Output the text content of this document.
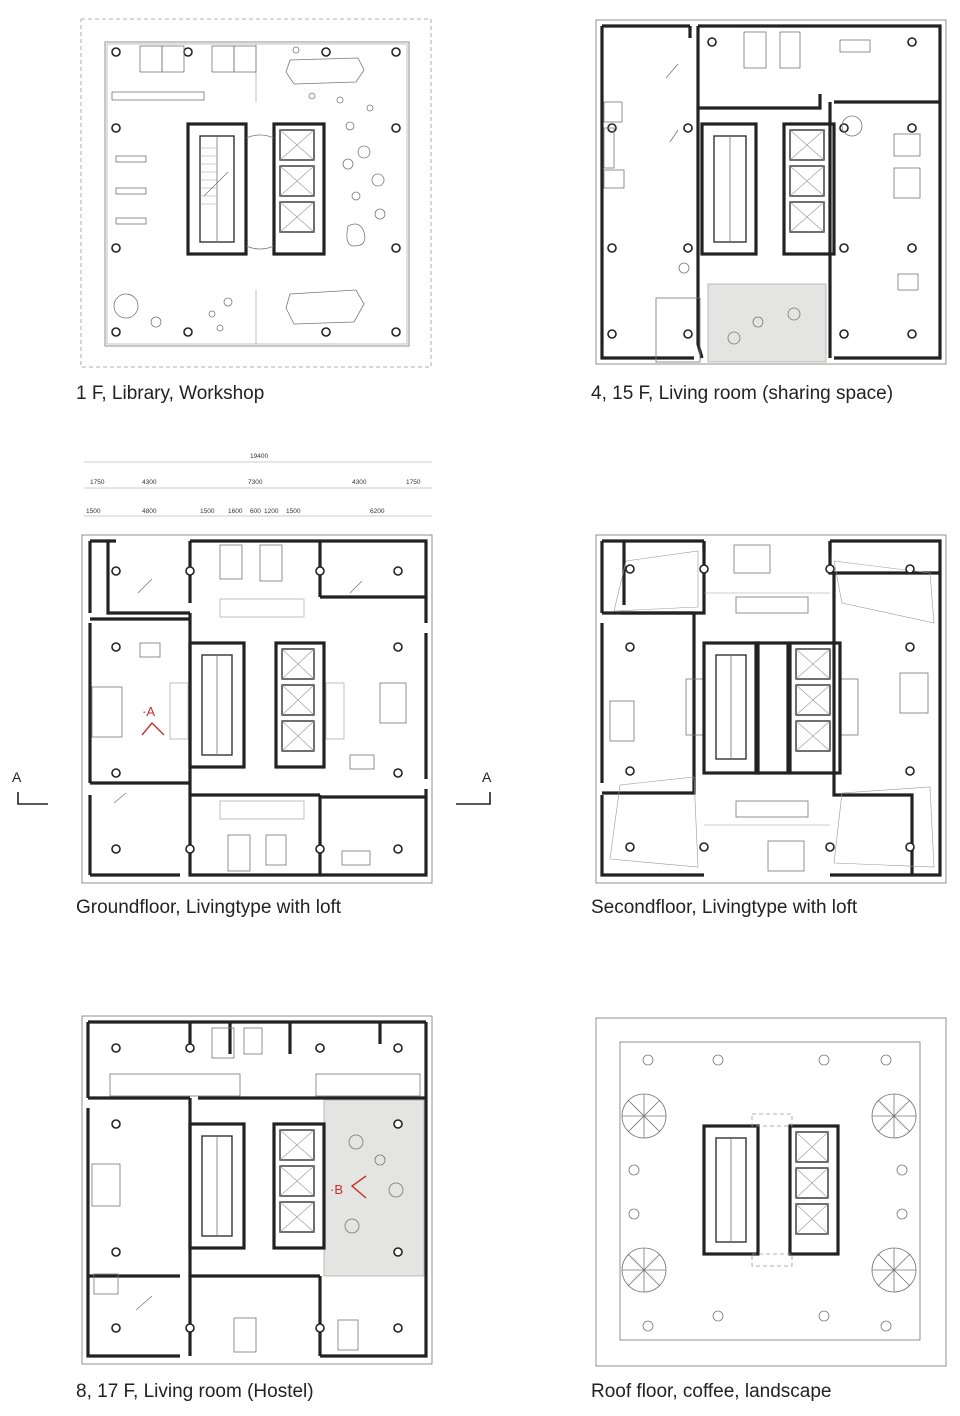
1 F, Library, Workshop	4, 15 F, Living room (sharing space)
19400
1750	4300	7300	4300	1750
1500	4800	1500 1600 600 1200 1500	6200
·A
Groundfloor, Livingtype with loft
A	A
Secondfloor, Livingtype with loft
·B
8, 17 F, Living room (Hostel)	Roof floor, coffee, landscape
